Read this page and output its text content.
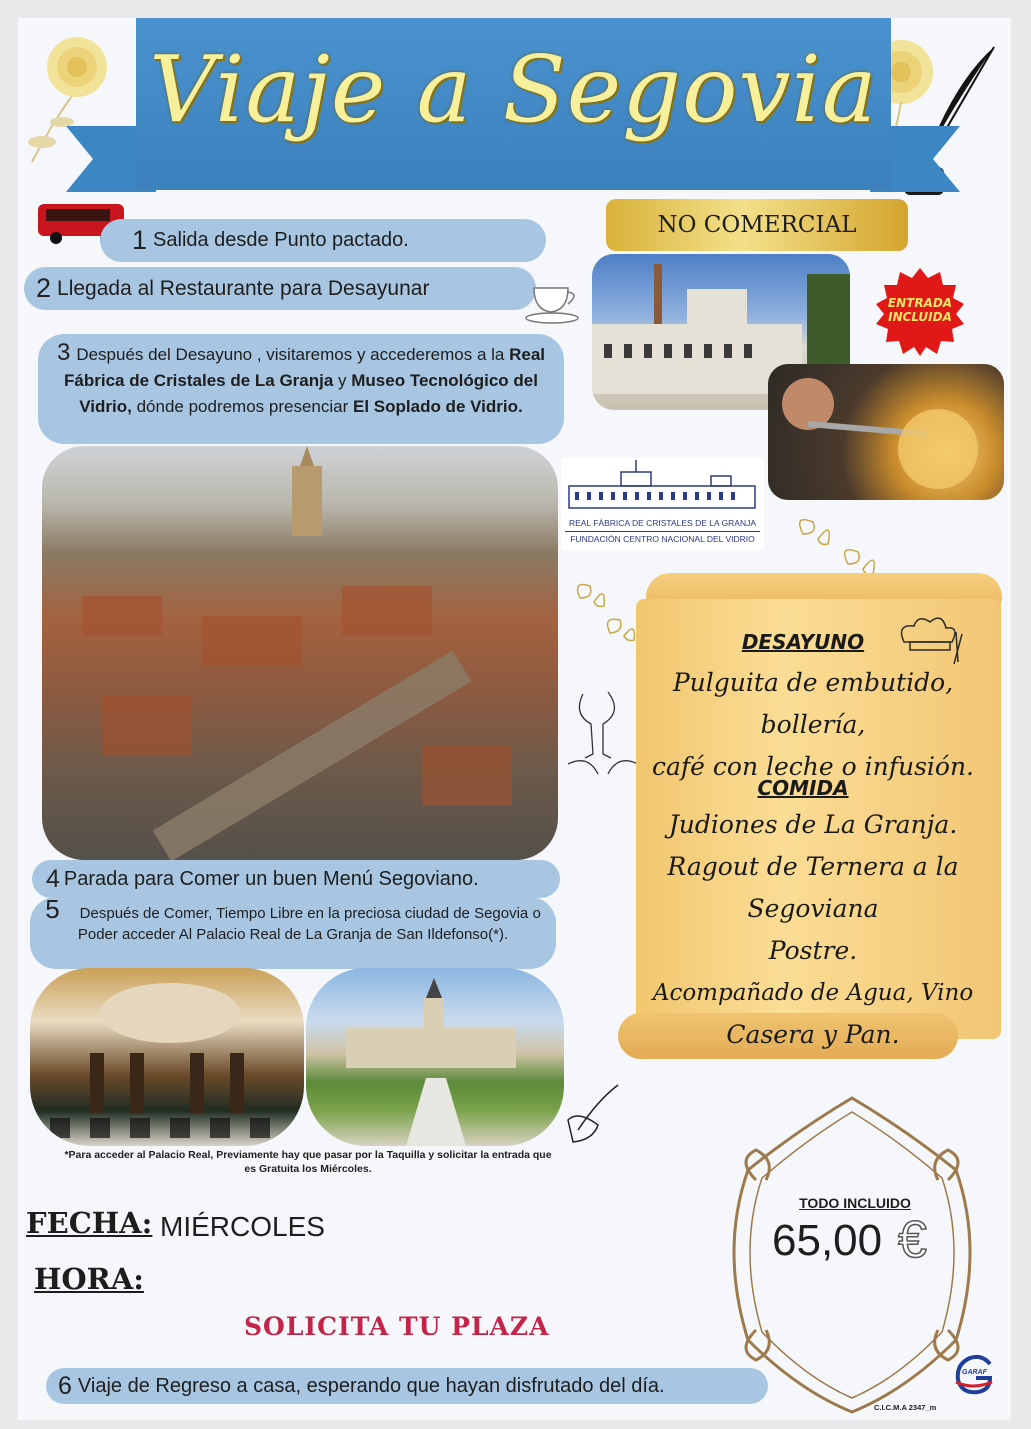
Viaje a Segovia
1 Salida desde Punto pactado.
2 Llegada al Restaurante para Desayunar
3 Después del Desayuno , visitaremos y accederemos a la Real Fábrica de Cristales de La Granja y Museo Tecnológico del Vidrio, dónde podremos presenciar El Soplado de Vidrio.
NO COMERCIAL
ENTRADA INCLUIDA
REAL FÁBRICA DE CRISTALES DE LA GRANJA
FUNDACIÓN CENTRO NACIONAL DEL VIDRIO
DESAYUNO
Pulguita de embutido, bollería,
café con leche o infusión.
COMIDA
Judiones de La Granja.
Ragout de Ternera a la
Segoviana
Postre.
Acompañado de Agua, Vino
Casera y Pan.
4 Parada para Comer un buen Menú Segoviano.
5 Después de Comer, Tiempo Libre en la preciosa ciudad de Segovia o Poder acceder Al Palacio Real de La Granja de San Ildefonso(*).
*Para acceder al Palacio Real, Previamente hay que pasar por la Taquilla y solicitar la entrada que es Gratuita los Miércoles.
FECHA: MIÉRCOLES
HORA:
SOLICITA TU PLAZA
TODO INCLUIDO
65,00 €
6 Viaje de Regreso a casa, esperando que hayan disfrutado del día.
GARAF
C.I.C.M.A 2347_m
